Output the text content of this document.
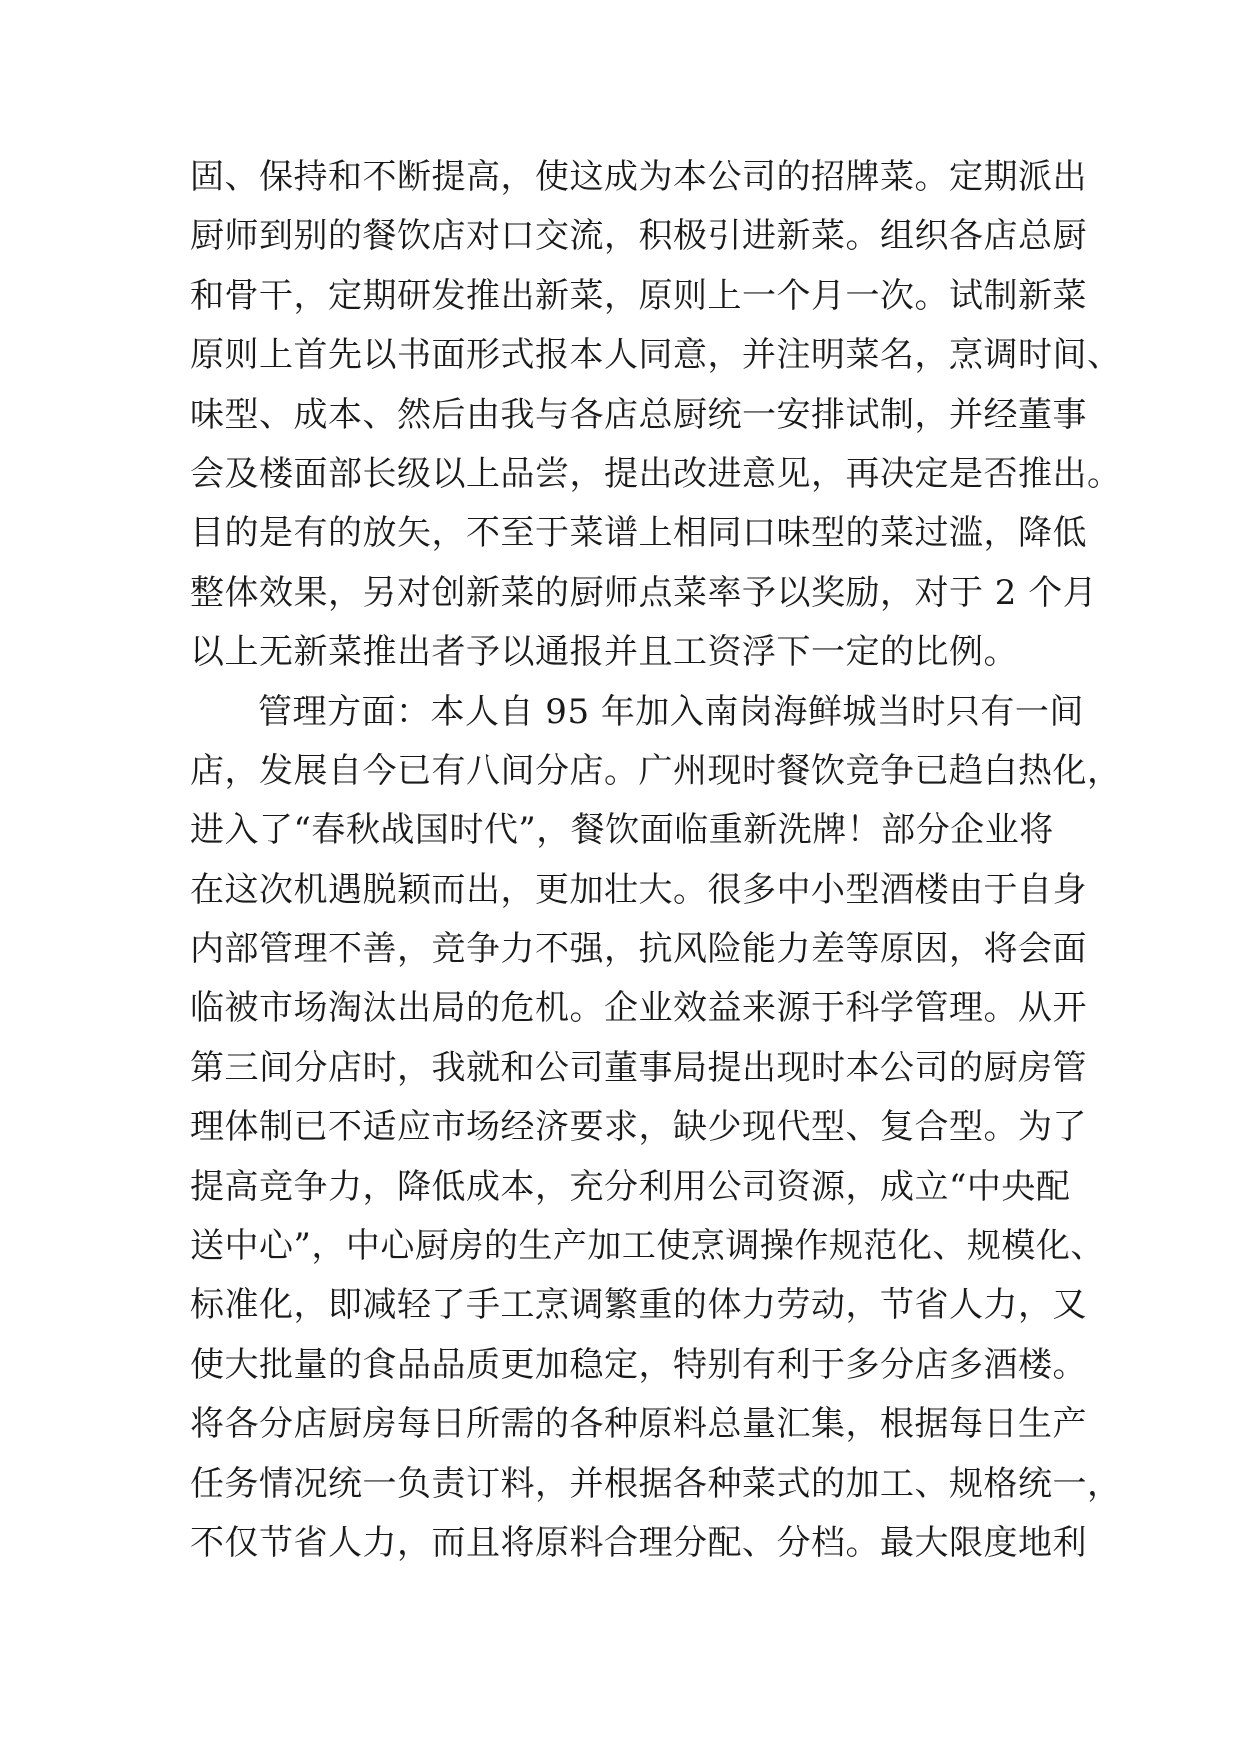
固、保持和不断提高，使这成为本公司的招牌菜。定期派出
厨师到别的餐饮店对口交流，积极引进新菜。组织各店总厨
和骨干，定期研发推出新菜，原则上一个月一次。试制新菜
原则上首先以书面形式报本人同意，并注明菜名，烹调时间、
味型、成本、然后由我与各店总厨统一安排试制，并经董事
会及楼面部长级以上品尝，提出改进意见，再决定是否推出。
目的是有的放矢，不至于菜谱上相同口味型的菜过滥，降低
整体效果，另对创新菜的厨师点菜率予以奖励，对于 2 个月
以上无新菜推出者予以通报并且工资浮下一定的比例。
管理方面：本人自 95 年加入南岗海鲜城当时只有一间
店，发展自今已有八间分店。广州现时餐饮竞争已趋白热化，
进入了“春秋战国时代”，餐饮面临重新洗牌！部分企业将
在这次机遇脱颖而出，更加壮大。很多中小型酒楼由于自身
内部管理不善，竞争力不强，抗风险能力差等原因，将会面
临被市场淘汰出局的危机。企业效益来源于科学管理。从开
第三间分店时，我就和公司董事局提出现时本公司的厨房管
理体制已不适应市场经济要求，缺少现代型、复合型。为了
提高竞争力，降低成本，充分利用公司资源，成立“中央配
送中心”，中心厨房的生产加工使烹调操作规范化、规模化、
标准化，即减轻了手工烹调繁重的体力劳动，节省人力，又
使大批量的食品品质更加稳定，特别有利于多分店多酒楼。
将各分店厨房每日所需的各种原料总量汇集，根据每日生产
任务情况统一负责订料，并根据各种菜式的加工、规格统一，
不仅节省人力，而且将原料合理分配、分档。最大限度地利
